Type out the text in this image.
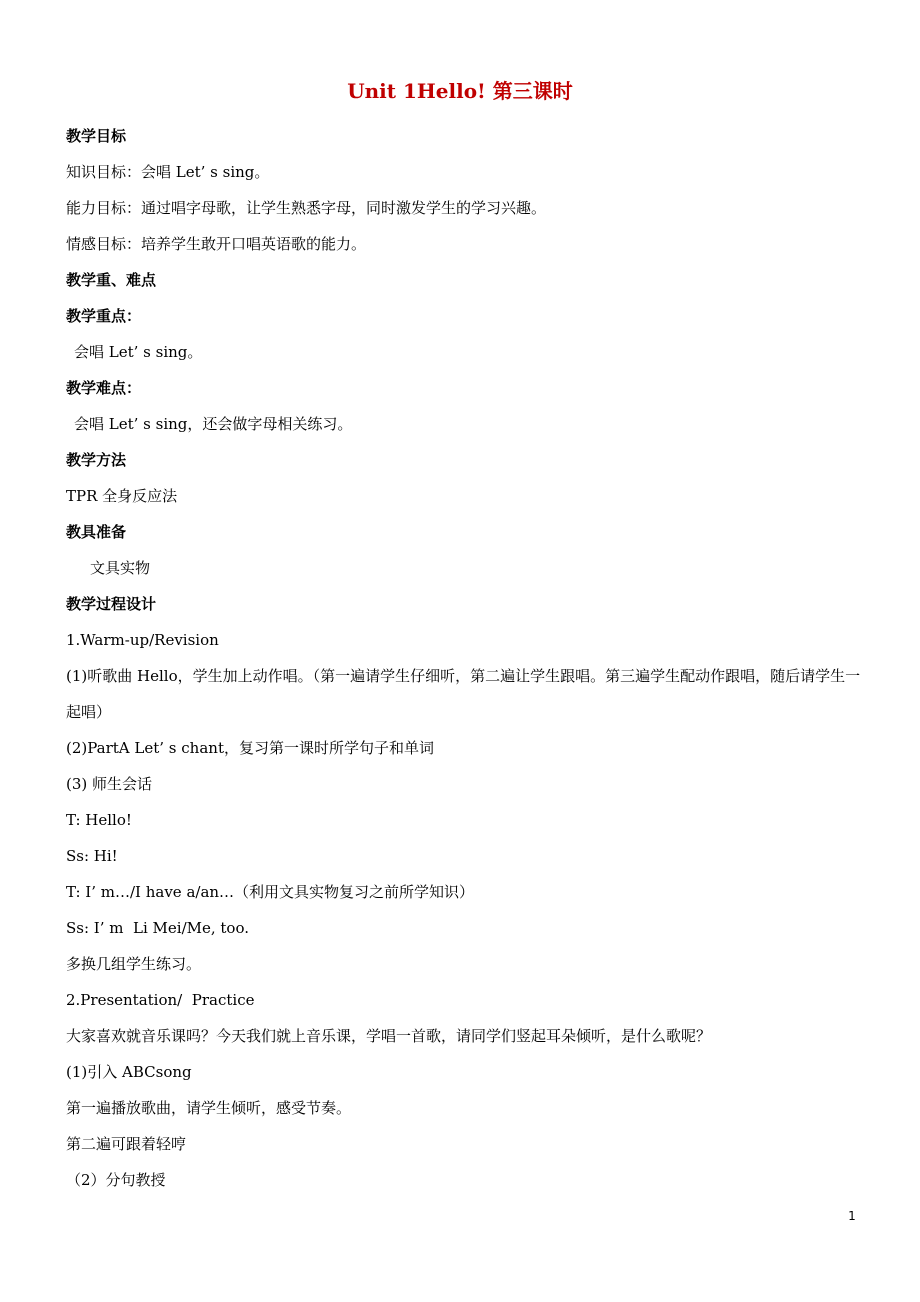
Unit 1Hello! 第三课时
教学目标
知识目标：会唱 Let’ s sing。
能力目标：通过唱字母歌，让学生熟悉字母，同时激发学生的学习兴趣。
情感目标：培养学生敢开口唱英语歌的能力。
教学重、难点
教学重点：
会唱 Let’ s sing。
教学难点：
会唱 Let’ s sing，还会做字母相关练习。
教学方法
TPR 全身反应法
教具准备
文具实物
教学过程设计
1.Warm-up/Revision
(1)听歌曲 Hello，学生加上动作唱。（第一遍请学生仔细听，第二遍让学生跟唱。第三遍学生配动作跟唱，随后请学生一起唱）
(2)PartA Let’ s chant，复习第一课时所学句子和单词
(3) 师生会话
T: Hello!
Ss: Hi!
T: I’ m…/I have a/an…（利用文具实物复习之前所学知识）
Ss: I’ m  Li Mei/Me, too.
多换几组学生练习。
2.Presentation/  Practice
大家喜欢就音乐课吗？今天我们就上音乐课，学唱一首歌，请同学们竖起耳朵倾听，是什么歌呢？
(1)引入 ABCsong
第一遍播放歌曲，请学生倾听，感受节奏。
第二遍可跟着轻哼
（2）分句教授
1
